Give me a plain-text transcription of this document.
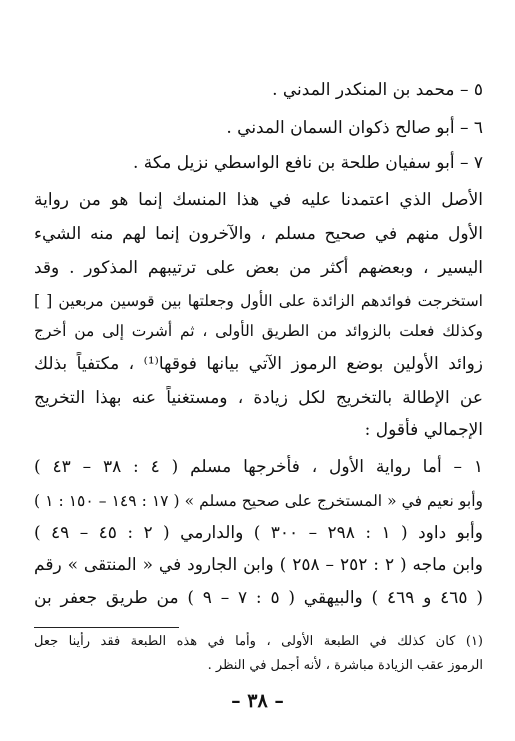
٥ – محمد بن المنكدر المدني .
٦ – أبو صالح ذكوان السمان المدني .
٧ – أبو سفيان طلحة بن نافع الواسطي نزيل مكة .
الأصل الذي اعتمدنا عليه في هذا المنسك إنما هو من رواية
الأول منهم في صحيح مسلم ، والآخرون إنما لهم منه الشيء
اليسير ، وبعضهم أكثر من بعض على ترتيبهم المذكور . وقد
استخرجت فوائدهم الزائدة على الأول وجعلتها بين قوسين مربعين [ ]
وكذلك فعلت بالزوائد من الطريق الأولى ، ثم أشرت إلى من أخرج
زوائد الأولين بوضع الرموز الآتي بيانها فوقها⁽¹⁾ ، مكتفياً بذلك
عن الإطالة بالتخريج لكل زيادة ، ومستغنياً عنه بهذا التخريج
الإجمالي فأقول :
١ – أما رواية الأول ، فأخرجها مسلم ( ٤ : ٣٨ – ٤٣ )
وأبو نعيم في « المستخرج على صحيح مسلم » ( ١٧ : ١٤٩ – ١٥٠ : ١ )
وأبو داود ( ١ : ٢٩٨ – ٣٠٠ ) والدارمي ( ٢ : ٤٥ – ٤٩ )
وابن ماجه ( ٢ : ٢٥٢ – ٢٥٨ ) وابن الجارود في « المنتقى » رقم
( ٤٦٥ و ٤٦٩ ) والبيهقي ( ٥ : ٧ – ٩ ) من طريق جعفر بن
(١) كان كذلك في الطبعة الأولى ، وأما في هذه الطبعة فقد رأينا جعل
الرموز عقب الزيادة مباشرة ، لأنه أجمل في النظر .
– ٣٨ –
